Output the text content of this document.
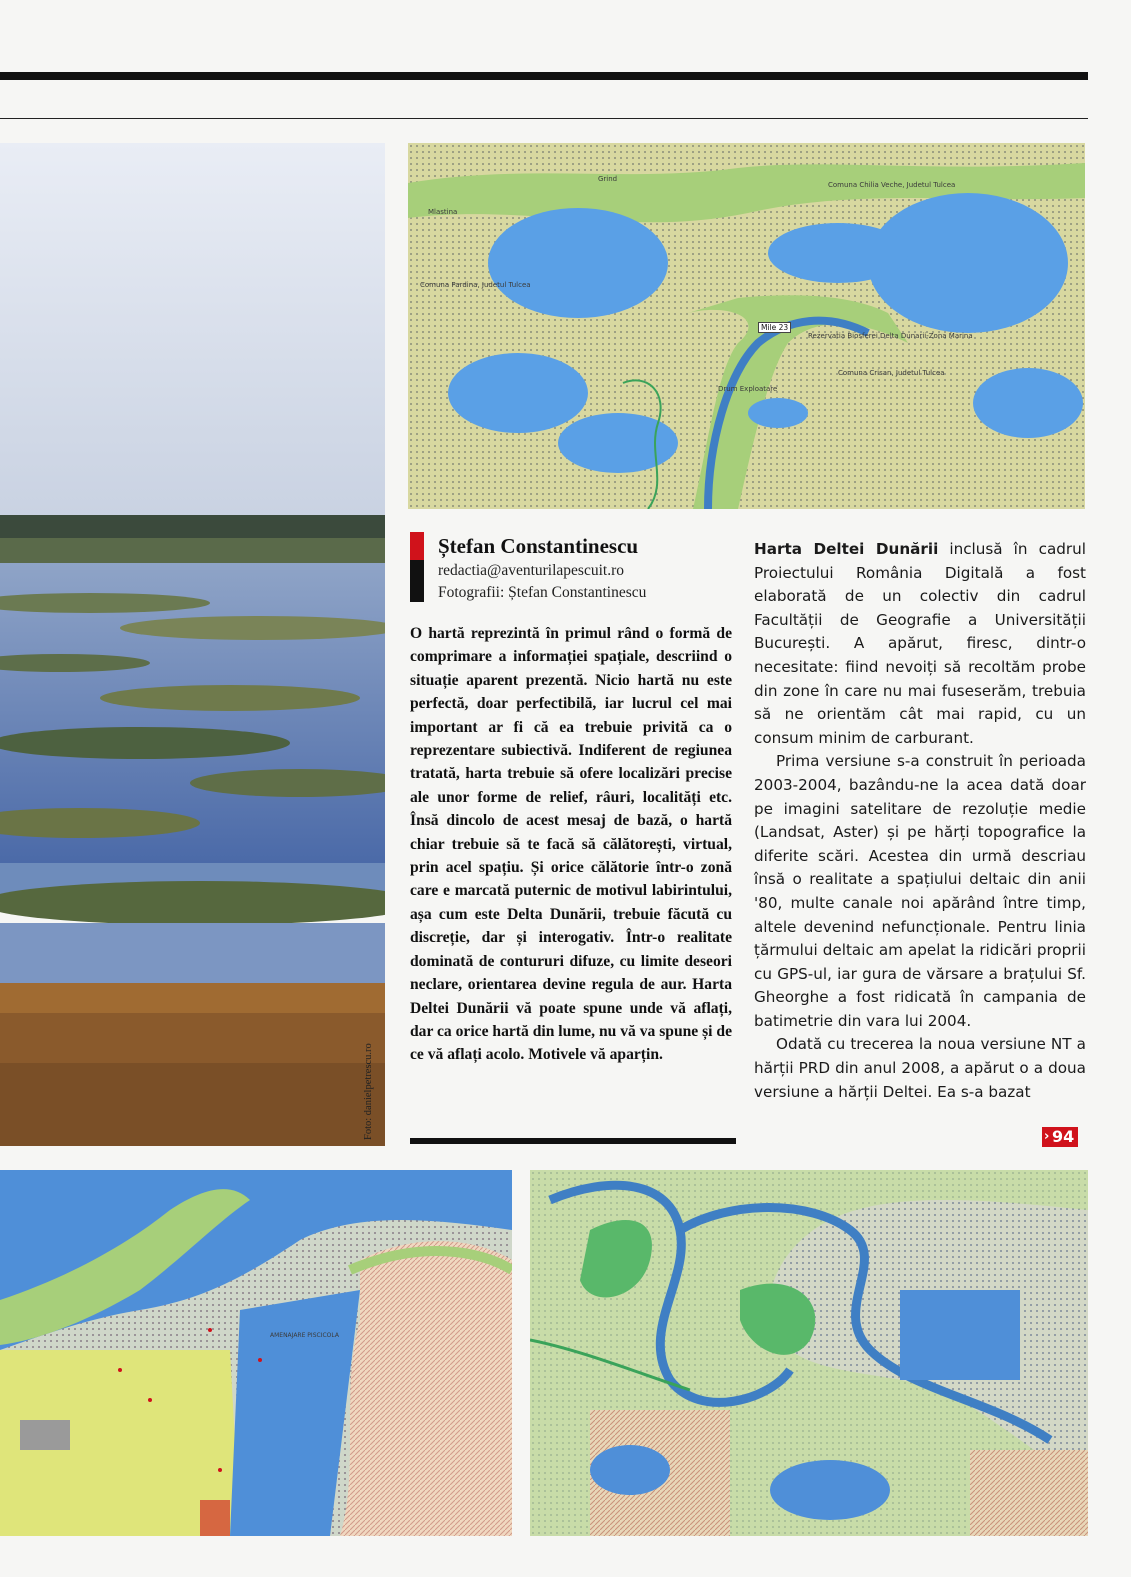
Foto: danielpetrescu.ro
Mile 23
Grind
Mlastina
Comuna Pardina, Judetul Tulcea
Comuna Chilia Veche, Judetul Tulcea
Rezervatia Biosferei Delta Dunarii-Zona Marina
Comuna Crisan, Judetul Tulcea
Drum Exploatare
Ștefan Constantinescu
redactia@aventurilapescuit.ro
Fotografii: Ștefan Constantinescu
O hartă reprezintă în primul rând o formă de comprimare a informației spațiale, descriind o situație aparent prezentă. Nicio hartă nu este perfectă, doar perfectibilă, iar lucrul cel mai important ar fi că ea trebuie privită ca o reprezentare subiectivă. Indiferent de regiunea tratată, harta trebuie să ofere localizări precise ale unor forme de relief, râuri, localități etc. Însă dincolo de acest mesaj de bază, o hartă chiar trebuie să te facă să călătorești, virtual, prin acel spațiu. Și orice călătorie într-o zonă care e marcată puternic de motivul labirintului, așa cum este Delta Dunării, trebuie făcută cu discreție, dar și interogativ. Într-o realitate dominată de contururi difuze, cu limite deseori neclare, orientarea devine regula de aur. Harta Deltei Dunării vă poate spune unde vă aflați, dar ca orice hartă din lume, nu vă va spune și de ce vă aflați acolo. Motivele vă aparțin.

Harta Deltei Dunării inclusă în cadrul Proiectului România Digitală a fost elaborată de un colectiv din cadrul Facultății de Geografie a Universității București. A apărut, firesc, dintr-o necesitate: fiind nevoiți să recoltăm probe din zone în care nu mai fuseserăm, trebuia să ne orientăm cât mai rapid, cu un consum minim de carburant.

Prima versiune s-a construit în perioada 2003-2004, bazându-ne la acea dată doar pe imagini satelitare de rezoluție medie (Landsat, Aster) și pe hărți topografice la diferite scări. Acestea din urmă descriau însă o realitate a spațiului deltaic din anii '80, multe canale noi apărând între timp, altele devenind nefuncționale. Pentru linia țărmului deltaic am apelat la ridicări proprii cu GPS-ul, iar gura de vărsare a brațului Sf. Gheorghe a fost ridicată în campania de batimetrie din vara lui 2004.

Odată cu trecerea la noua versiune NT a hărții PRD din anul 2008, a apărut o a doua versiune a hărții Deltei. Ea s-a bazat

› 94
AMENAJARE PISCICOLA
